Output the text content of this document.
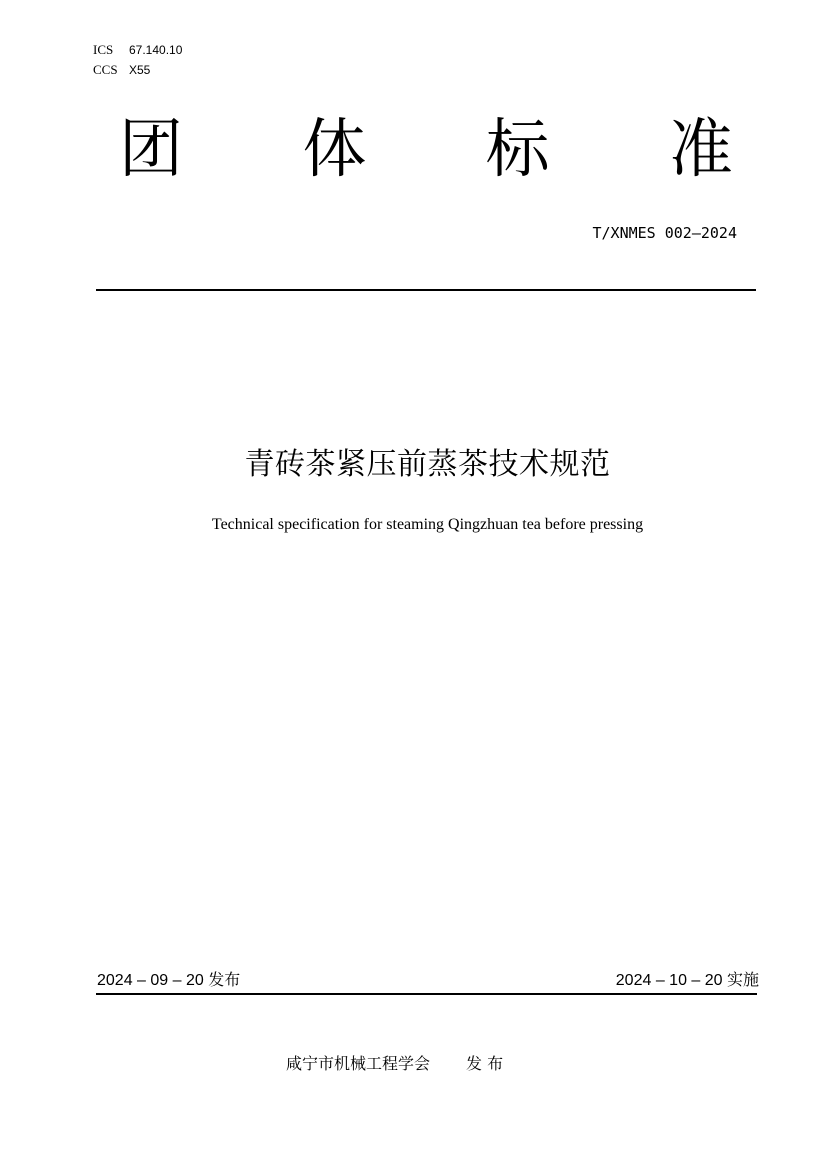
ICS	67.140.10
CCS X55
团	体	标	准
T/XNMES 002—2024
青砖茶紧压前蒸茶技术规范
Technical specification for steaming Qingzhuan tea before pressing
2024 – 09 – 20 发布	2024 – 10 – 20 实施
咸宁市机械工程学会 发 布
